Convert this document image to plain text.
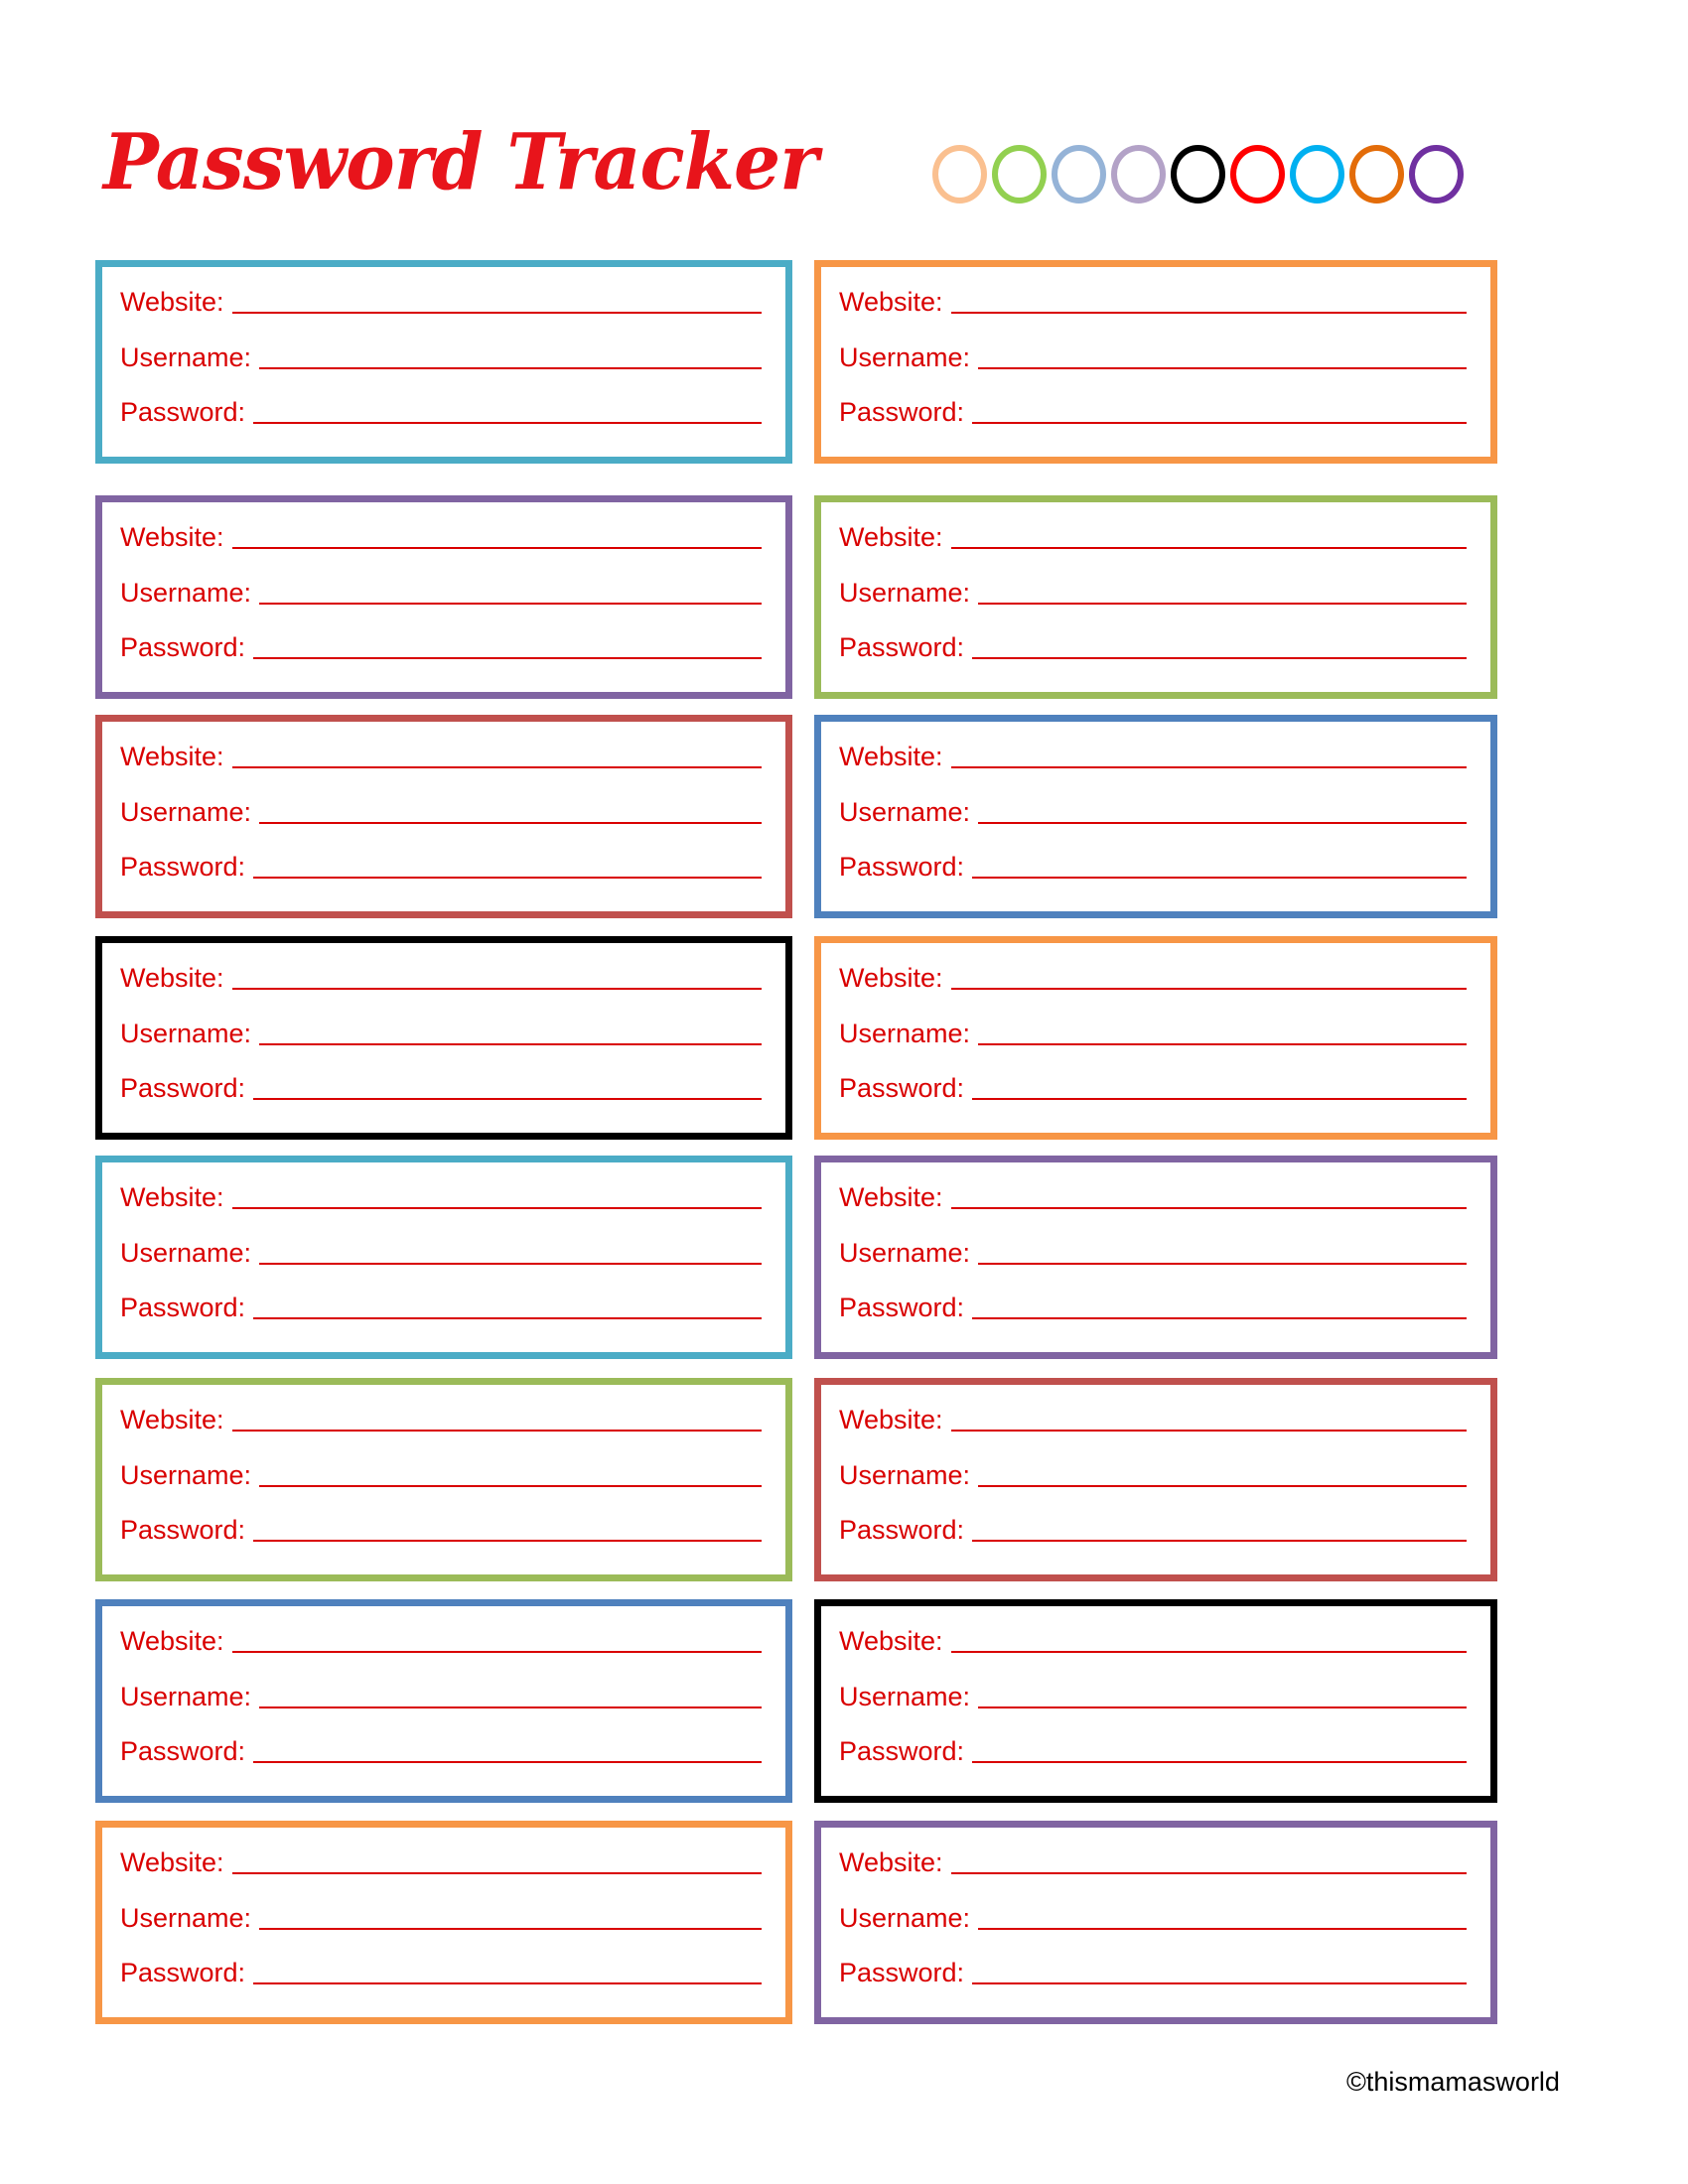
Password Tracker
Website:
Username:
Password:
Website:
Username:
Password:
Website:
Username:
Password:
Website:
Username:
Password:
Website:
Username:
Password:
Website:
Username:
Password:
Website:
Username:
Password:
Website:
Username:
Password:
Website:
Username:
Password:
Website:
Username:
Password:
Website:
Username:
Password:
Website:
Username:
Password:
Website:
Username:
Password:
Website:
Username:
Password:
Website:
Username:
Password:
Website:
Username:
Password:
©thismamasworld
